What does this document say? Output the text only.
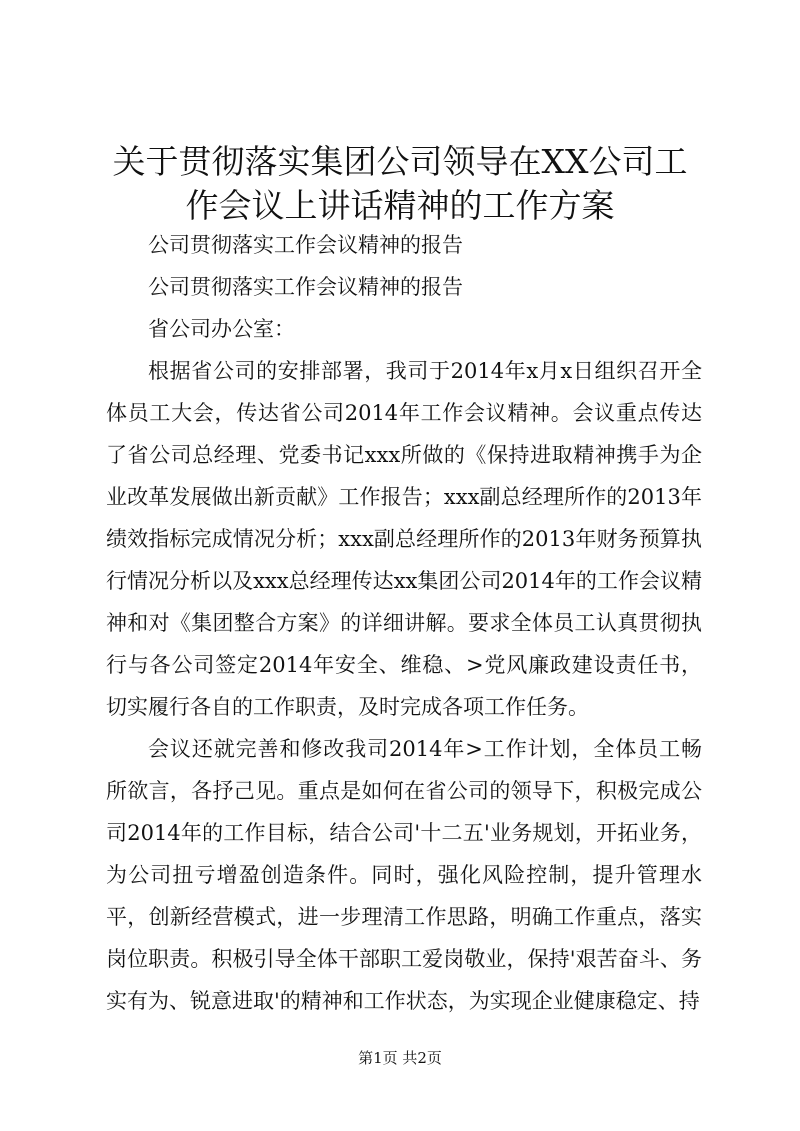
关于贯彻落实集团公司领导在XX公司工作会议上讲话精神的工作方案

公司贯彻落实工作会议精神的报告

公司贯彻落实工作会议精神的报告

省公司办公室：

根据省公司的安排部署，我司于2014年x月x日组织召开全体员工大会，传达省公司2014年工作会议精神。会议重点传达了省公司总经理、党委书记xxx所做的《保持进取精神携手为企业改革发展做出新贡献》工作报告；xxx副总经理所作的2013年绩效指标完成情况分析；xxx副总经理所作的2013年财务预算执行情况分析以及xxx总经理传达xx集团公司2014年的工作会议精神和对《集团整合方案》的详细讲解。要求全体员工认真贯彻执行与各公司签定2014年安全、维稳、>党风廉政建设责任书，切实履行各自的工作职责，及时完成各项工作任务。

会议还就完善和修改我司2014年>工作计划，全体员工畅所欲言，各抒己见。重点是如何在省公司的领导下，积极完成公司2014年的工作目标，结合公司'十二五'业务规划，开拓业务，为公司扭亏增盈创造条件。同时，强化风险控制，提升管理水平，创新经营模式，进一步理清工作思路，明确工作重点，落实岗位职责。积极引导全体干部职工爱岗敬业，保持'艰苦奋斗、务实有为、锐意进取'的精神和工作状态，为实现企业健康稳定、持

第1页 共2页
